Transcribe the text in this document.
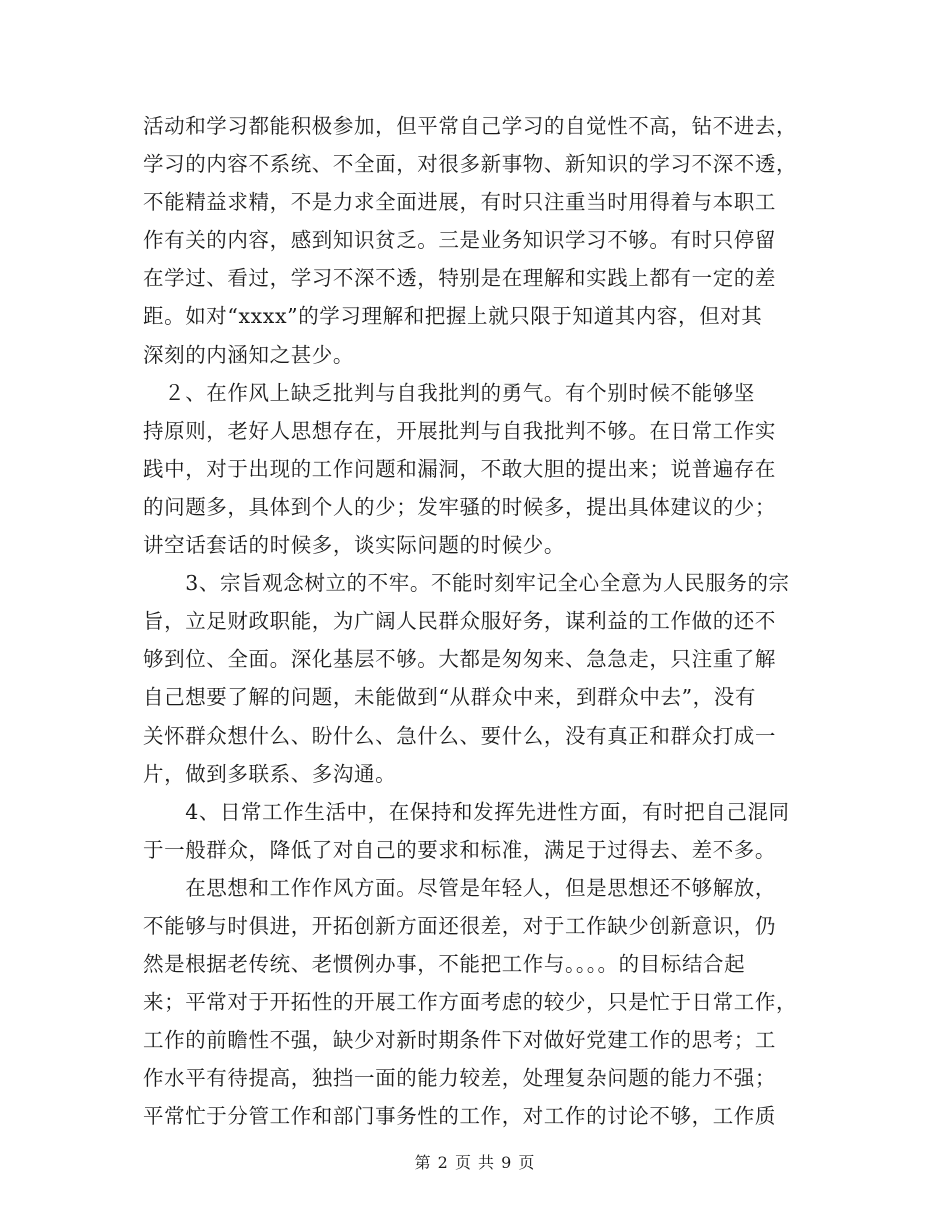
活动和学习都能积极参加，但平常自己学习的自觉性不高，钻不进去，
学习的内容不系统、不全面，对很多新事物、新知识的学习不深不透，
不能精益求精，不是力求全面进展，有时只注重当时用得着与本职工
作有关的内容，感到知识贫乏。三是业务知识学习不够。有时只停留
在学过、看过，学习不深不透，特别是在理解和实践上都有一定的差
距。如对“xxxx”的学习理解和把握上就只限于知道其内容，但对其
深刻的内涵知之甚少。
　２、在作风上缺乏批判与自我批判的勇气。有个别时候不能够坚
持原则，老好人思想存在，开展批判与自我批判不够。在日常工作实
践中，对于出现的工作问题和漏洞，不敢大胆的提出来；说普遍存在
的问题多，具体到个人的少；发牢骚的时候多，提出具体建议的少；
讲空话套话的时候多，谈实际问题的时候少。
　　3、宗旨观念树立的不牢。不能时刻牢记全心全意为人民服务的宗
旨，立足财政职能，为广阔人民群众服好务，谋利益的工作做的还不
够到位、全面。深化基层不够。大都是匆匆来、急急走，只注重了解
自己想要了解的问题，未能做到“从群众中来，到群众中去”，没有
关怀群众想什么、盼什么、急什么、要什么，没有真正和群众打成一
片，做到多联系、多沟通。
　　4、日常工作生活中，在保持和发挥先进性方面，有时把自己混同
于一般群众，降低了对自己的要求和标准，满足于过得去、差不多。
　　在思想和工作作风方面。尽管是年轻人，但是思想还不够解放，
不能够与时俱进，开拓创新方面还很差，对于工作缺少创新意识，仍
然是根据老传统、老惯例办事，不能把工作与。。。。的目标结合起
来；平常对于开拓性的开展工作方面考虑的较少，只是忙于日常工作，
工作的前瞻性不强，缺少对新时期条件下对做好党建工作的思考；工
作水平有待提高，独挡一面的能力较差，处理复杂问题的能力不强；
平常忙于分管工作和部门事务性的工作，对工作的讨论不够，工作质
第 2 页 共 9 页
